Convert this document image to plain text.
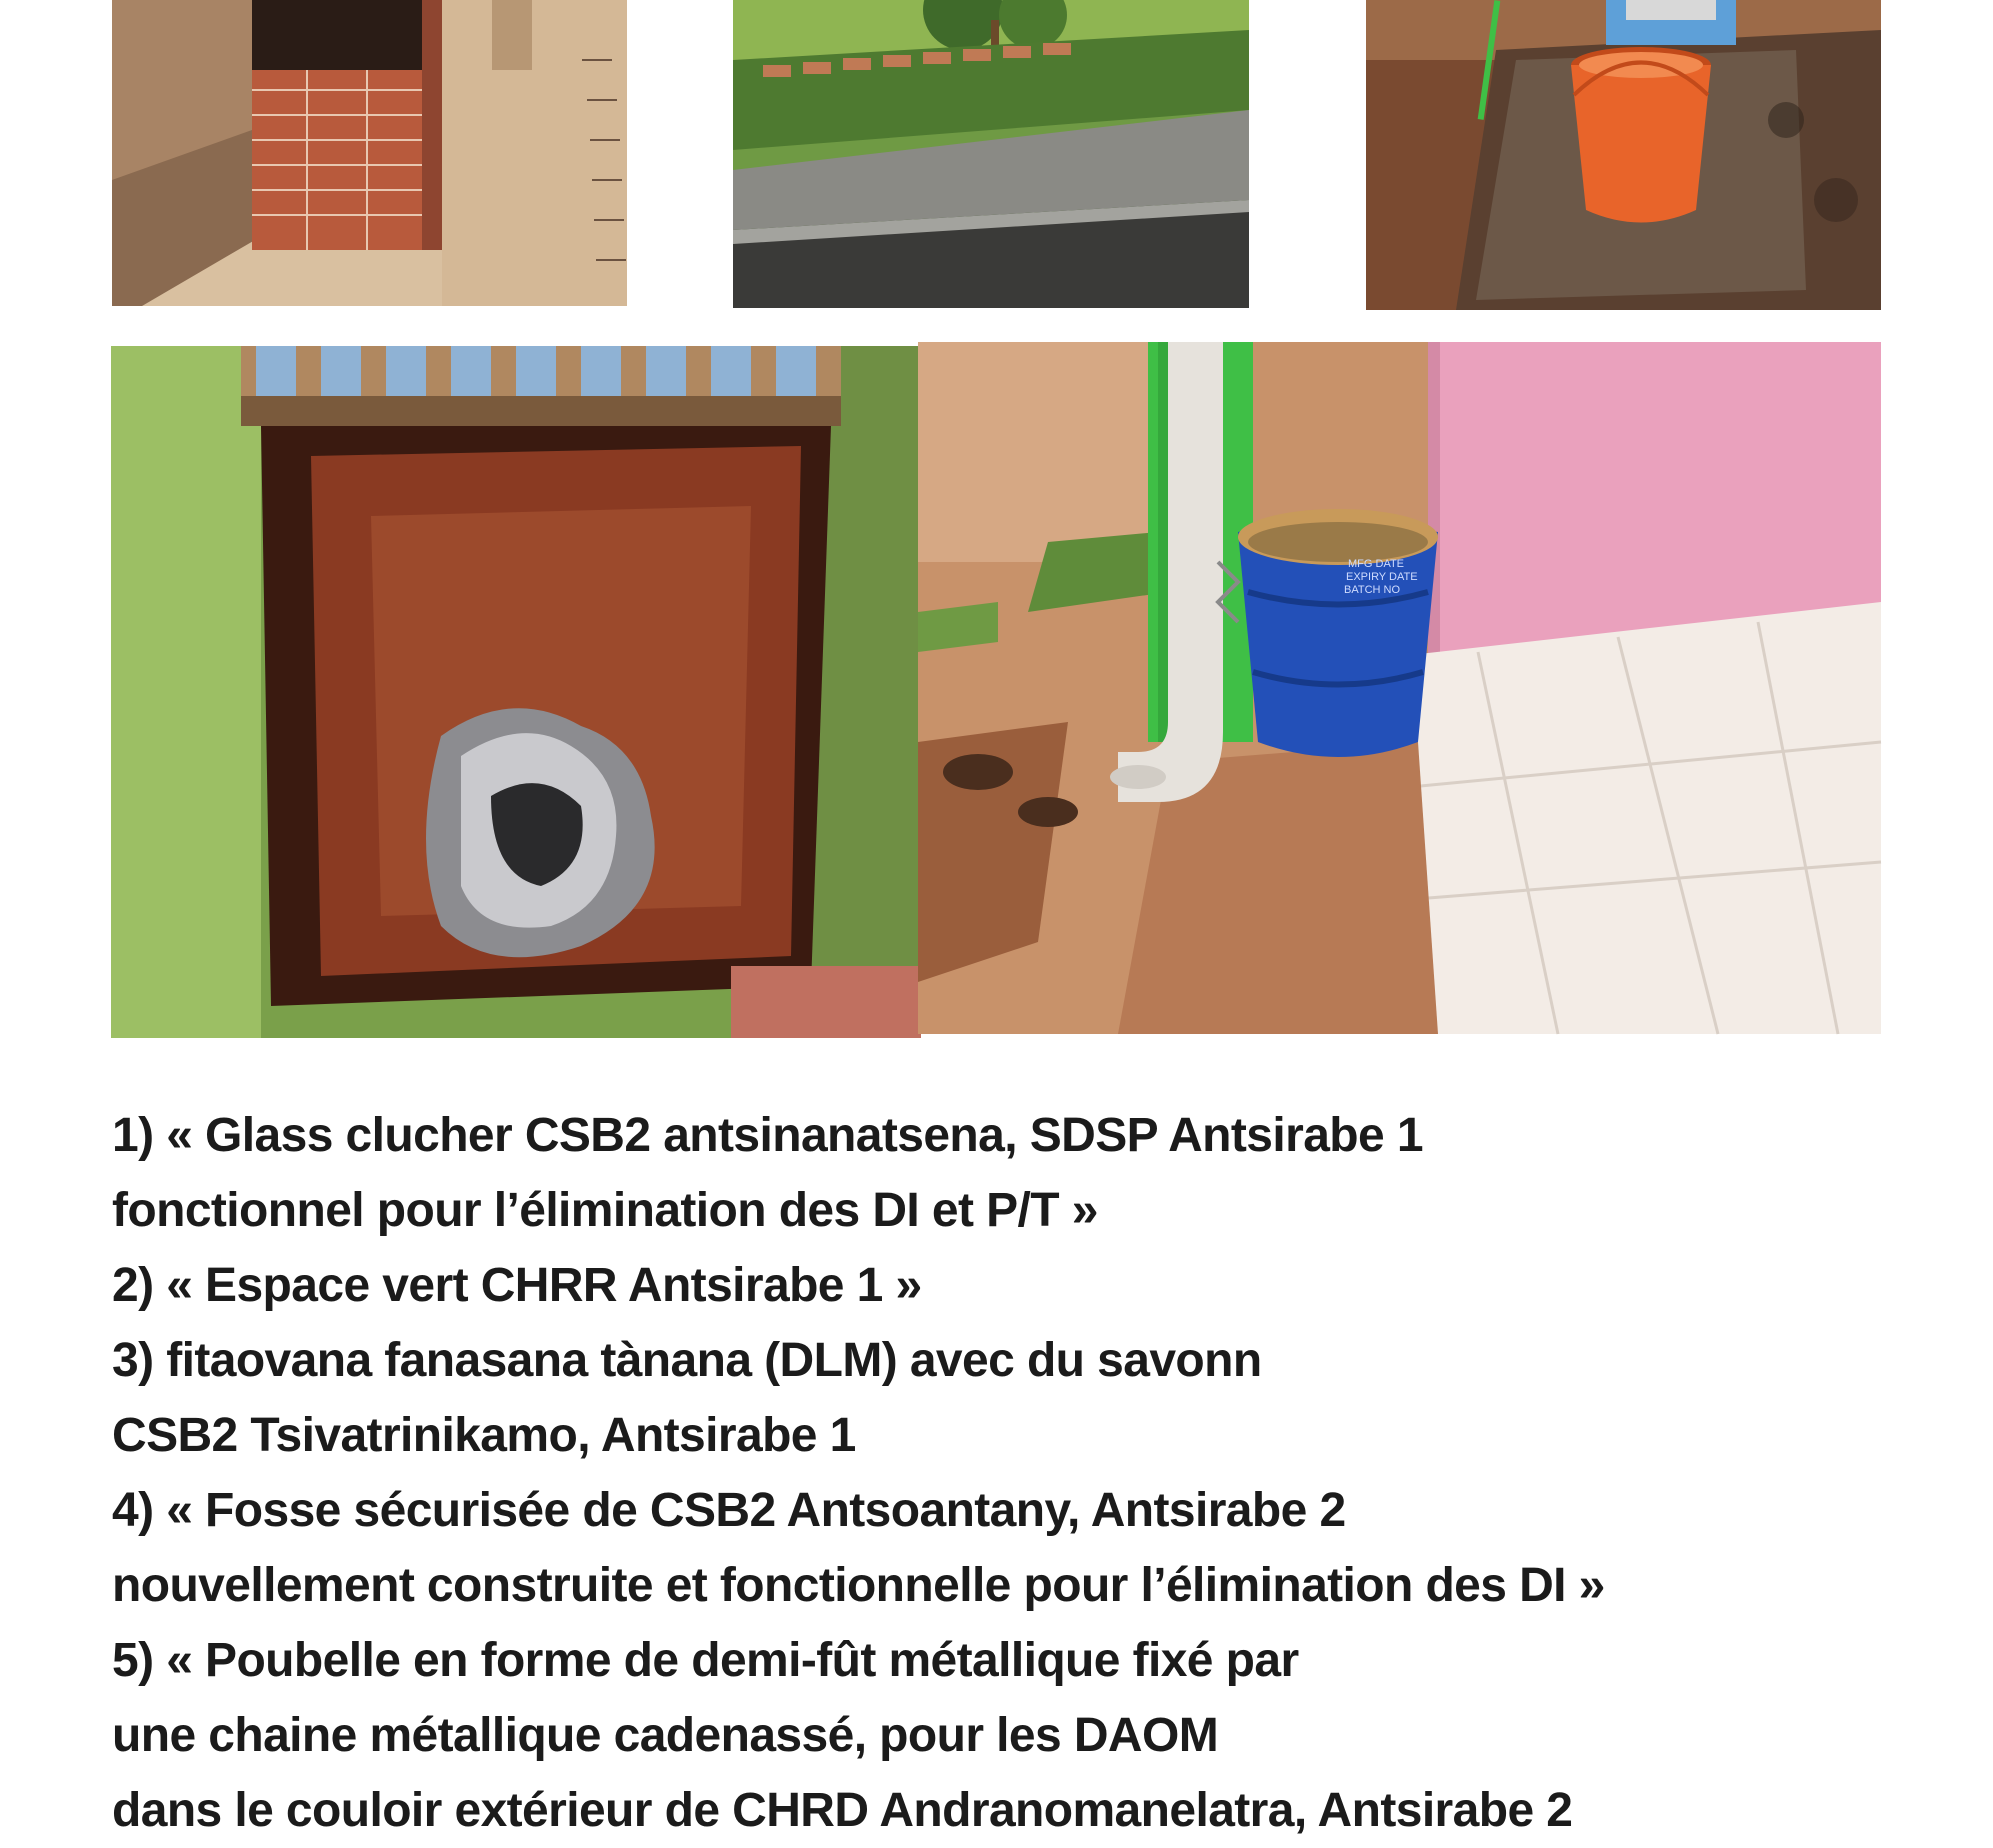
MFG DATE
EXPIRY DATE
BATCH NO
1) « Glass clucher CSB2 antsinanatsena, SDSP Antsirabe 1
fonctionnel pour l’élimination des DI et P/T »
2) « Espace vert CHRR Antsirabe 1 »
3) fitaovana fanasana tànana (DLM) avec du savonn
CSB2 Tsivatrinikamo, Antsirabe 1
4) « Fosse sécurisée de CSB2 Antsoantany, Antsirabe 2
nouvellement construite et fonctionnelle pour l’élimination des DI »
5) « Poubelle en forme de demi-fût métallique fixé par
une chaine métallique cadenassé, pour les DAOM
dans le couloir extérieur de CHRD Andranomanelatra, Antsirabe 2
